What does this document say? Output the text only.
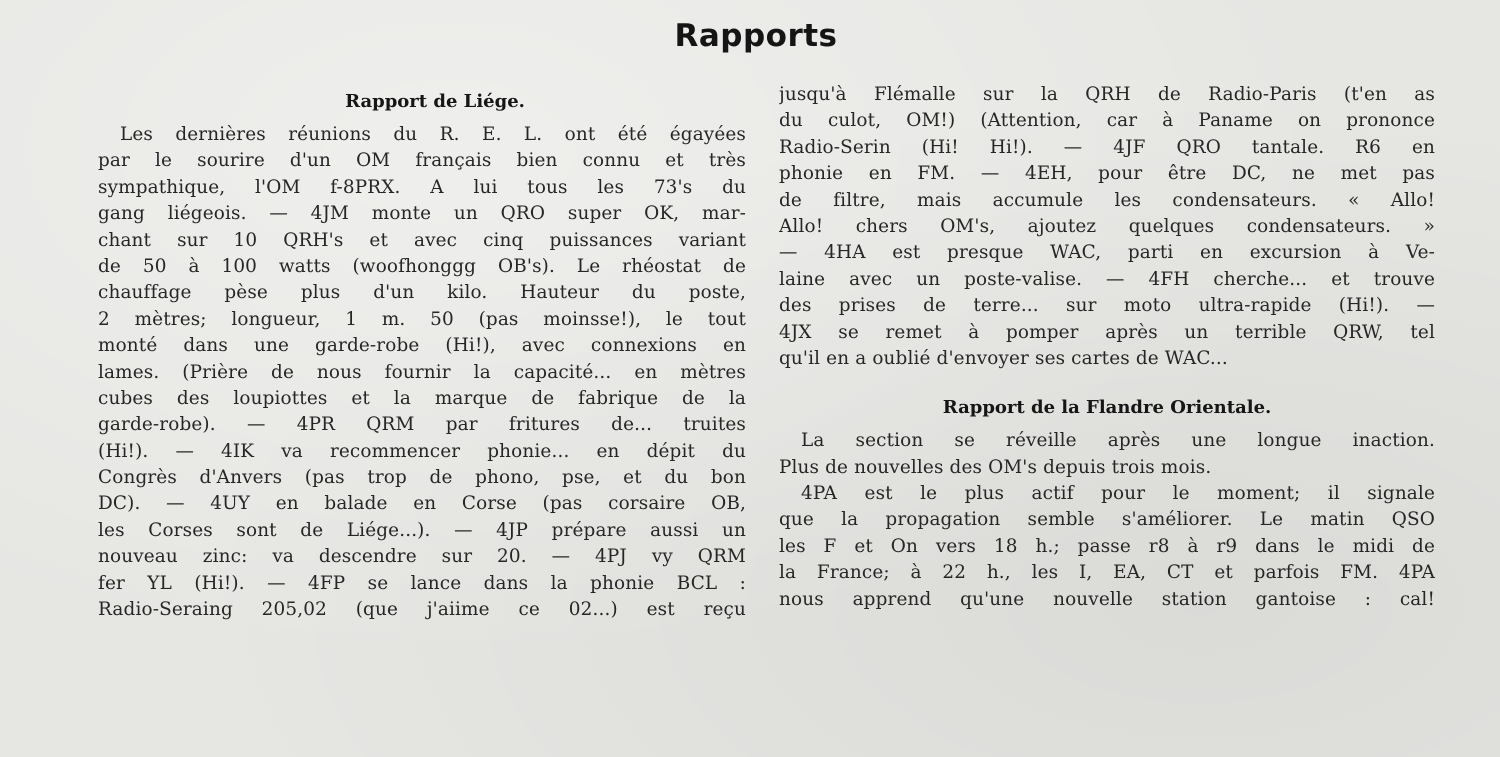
Rapports
Rapport de Liége.
Les dernières réunions du R. E. L. ont été égayées
par le sourire d'un OM français bien connu et très
sympathique, l'OM f-8PRX. A lui tous les 73's du
gang liégeois. — 4JM monte un QRO super OK, mar-
chant sur 10 QRH's et avec cinq puissances variant
de 50 à 100 watts (woofhonggg OB's). Le rhéostat de
chauffage pèse plus d'un kilo. Hauteur du poste,
2 mètres; longueur, 1 m. 50 (pas moinsse!), le tout
monté dans une garde-robe (Hi!), avec connexions en
lames. (Prière de nous fournir la capacité... en mètres
cubes des loupiottes et la marque de fabrique de la
garde-robe). — 4PR QRM par fritures de... truites
(Hi!). — 4IK va recommencer phonie... en dépit du
Congrès d'Anvers (pas trop de phono, pse, et du bon
DC). — 4UY en balade en Corse (pas corsaire OB,
les Corses sont de Liége...). — 4JP prépare aussi un
nouveau zinc: va descendre sur 20. — 4PJ vy QRM
fer YL (Hi!). — 4FP se lance dans la phonie BCL :
Radio-Seraing 205,02 (que j'aiime ce 02...) est reçu
jusqu'à Flémalle sur la QRH de Radio-Paris (t'en as
du culot, OM!) (Attention, car à Paname on prononce
Radio-Serin (Hi! Hi!). — 4JF QRO tantale. R6 en
phonie en FM. — 4EH, pour être DC, ne met pas
de filtre, mais accumule les condensateurs. « Allo!
Allo! chers OM's, ajoutez quelques condensateurs. »
— 4HA est presque WAC, parti en excursion à Ve-
laine avec un poste-valise. — 4FH cherche... et trouve
des prises de terre... sur moto ultra-rapide (Hi!). —
4JX se remet à pomper après un terrible QRW, tel
qu'il en a oublié d'envoyer ses cartes de WAC...
Rapport de la Flandre Orientale.
La section se réveille après une longue inaction.
Plus de nouvelles des OM's depuis trois mois.
4PA est le plus actif pour le moment; il signale
que la propagation semble s'améliorer. Le matin QSO
les F et On vers 18 h.; passe r8 à r9 dans le midi de
la France; à 22 h., les I, EA, CT et parfois FM. 4PA
nous apprend qu'une nouvelle station gantoise : cal!
